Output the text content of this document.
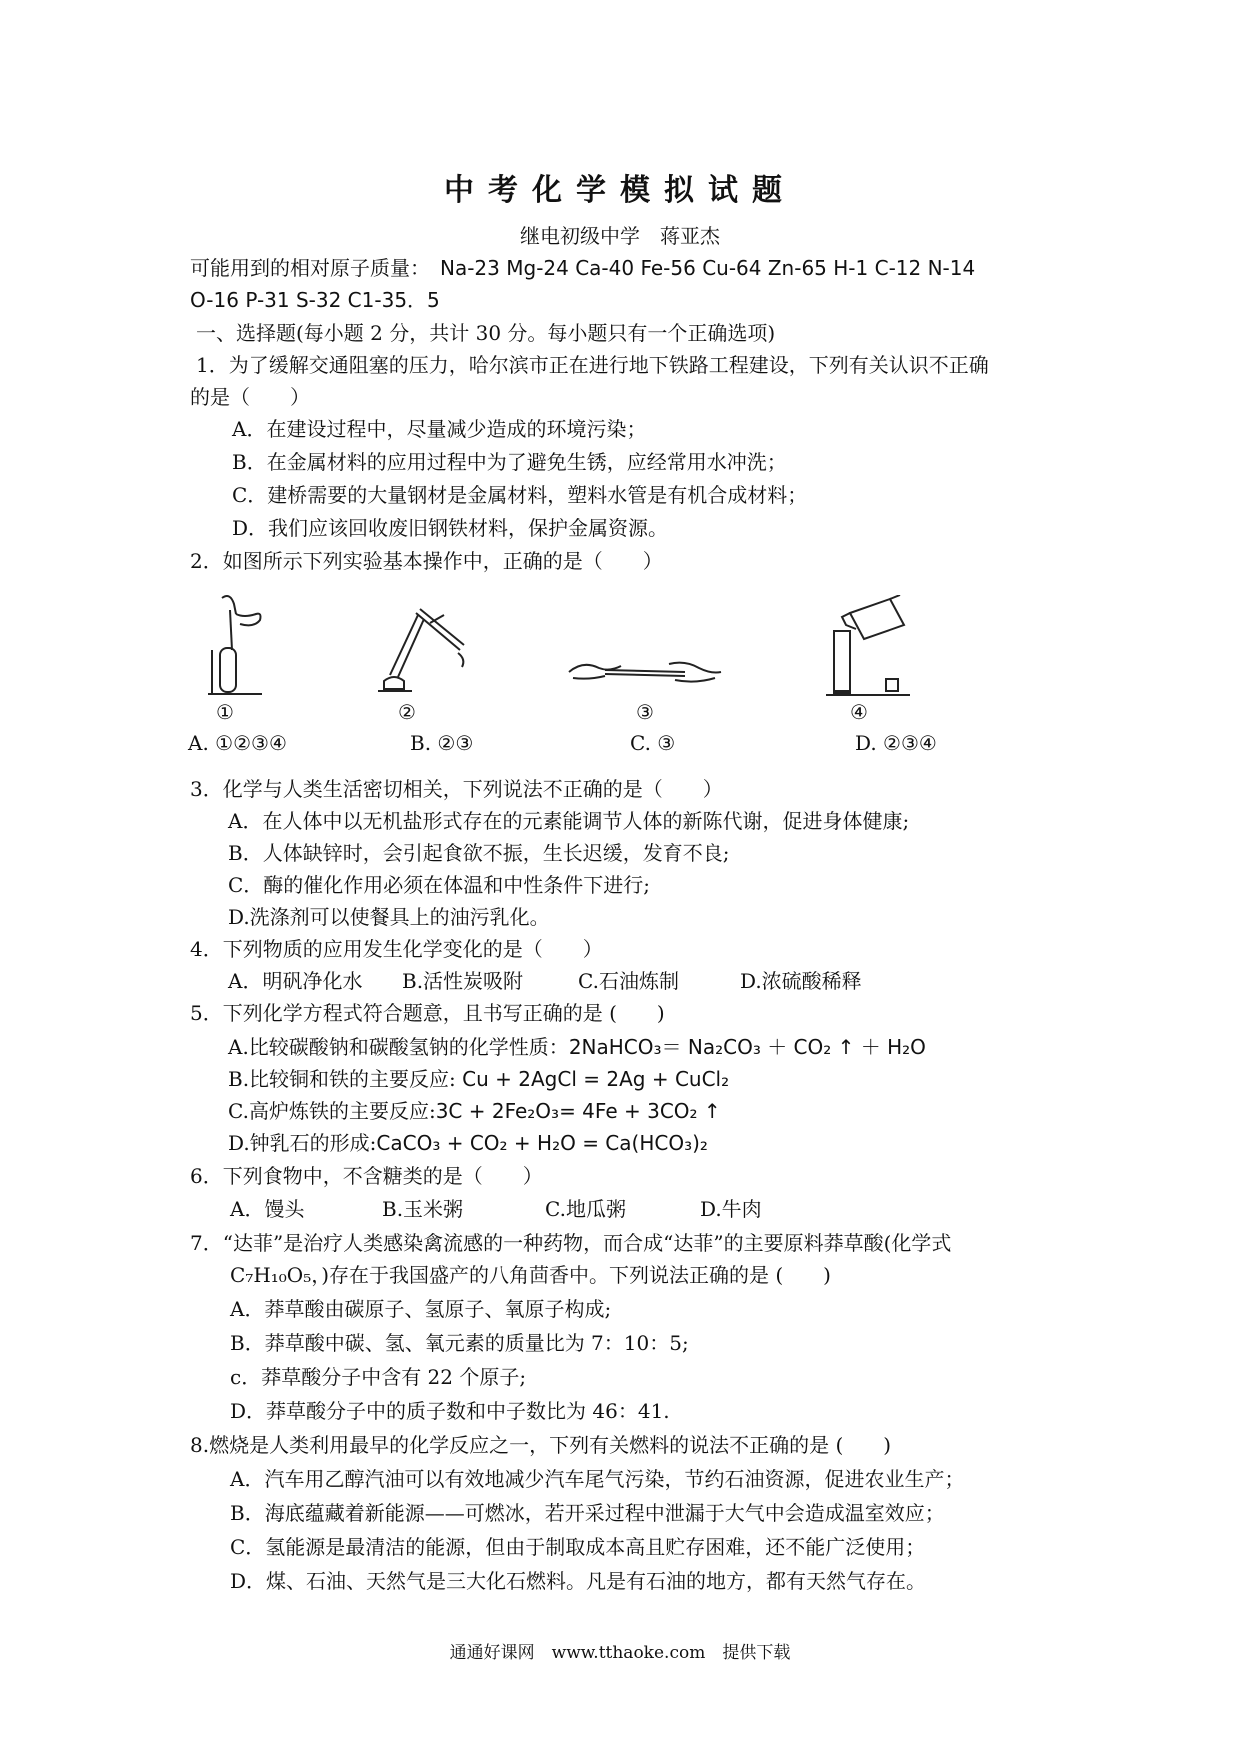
中考化学模拟试题
继电初级中学　蒋亚杰
可能用到的相对原子质量：　Na-23 Mg-24 Ca-40 Fe-56 Cu-64 Zn-65 H-1 C-12 N-14
O-16 P-31 S-32 C1-35．5
一、选择题(每小题 2 分，共计 30 分。每小题只有一个正确选项)
1．为了缓解交通阻塞的压力，哈尔滨市正在进行地下铁路工程建设，下列有关认识不正确
的是（　　）
A．在建设过程中，尽量减少造成的环境污染；
B．在金属材料的应用过程中为了避免生锈，应经常用水冲洗；
C．建桥需要的大量钢材是金属材料，塑料水管是有机合成材料；
D．我们应该回收废旧钢铁材料，保护金属资源。
2．如图所示下列实验基本操作中，正确的是（　　）
①	②	③	④
A. ①②③④	B. ②③	C. ③	D. ②③④
3．化学与人类生活密切相关，下列说法不正确的是（　　）
A．在人体中以无机盐形式存在的元素能调节人体的新陈代谢，促进身体健康;
B．人体缺锌时，会引起食欲不振，生长迟缓，发育不良;
C．酶的催化作用必须在体温和中性条件下进行;
D.洗涤剂可以使餐具上的油污乳化。
4．下列物质的应用发生化学变化的是（　　）
A．明矾净化水 B.活性炭吸附	C.石油炼制	D.浓硫酸稀释
5．下列化学方程式符合题意，且书写正确的是 (　　)
A.比较碳酸钠和碳酸氢钠的化学性质：2NaHCO₃＝ Na₂CO₃ ＋ CO₂ ↑ ＋ H₂O
B.比较铜和铁的主要反应: Cu + 2AgCl = 2Ag + CuCl₂
C.高炉炼铁的主要反应:3C + 2Fe₂O₃= 4Fe + 3CO₂ ↑
D.钟乳石的形成:CaCO₃ + CO₂ + H₂O = Ca(HCO₃)₂
6．下列食物中，不含糖类的是（　　）
A．馒头	B.玉米粥	C.地瓜粥	D.牛肉
7．“达菲”是治疗人类感染禽流感的一种药物，而合成“达菲”的主要原料莽草酸(化学式
C₇H₁₀O₅，)存在于我国盛产的八角茴香中。下列说法正确的是 (　　)
A．莽草酸由碳原子、氢原子、氧原子构成;
B．莽草酸中碳、氢、氧元素的质量比为 7：10：5;
c．莽草酸分子中含有 22 个原子;
D．莽草酸分子中的质子数和中子数比为 46：41.
8.燃烧是人类利用最早的化学反应之一，下列有关燃料的说法不正确的是 (　　)
A．汽车用乙醇汽油可以有效地减少汽车尾气污染，节约石油资源，促进农业生产；
B．海底蕴藏着新能源——可燃冰，若开采过程中泄漏于大气中会造成温室效应；
C．氢能源是最清洁的能源，但由于制取成本高且贮存困难，还不能广泛使用；
D．煤、石油、天然气是三大化石燃料。凡是有石油的地方，都有天然气存在。
通通好课网　www.tthaoke.com　提供下载
